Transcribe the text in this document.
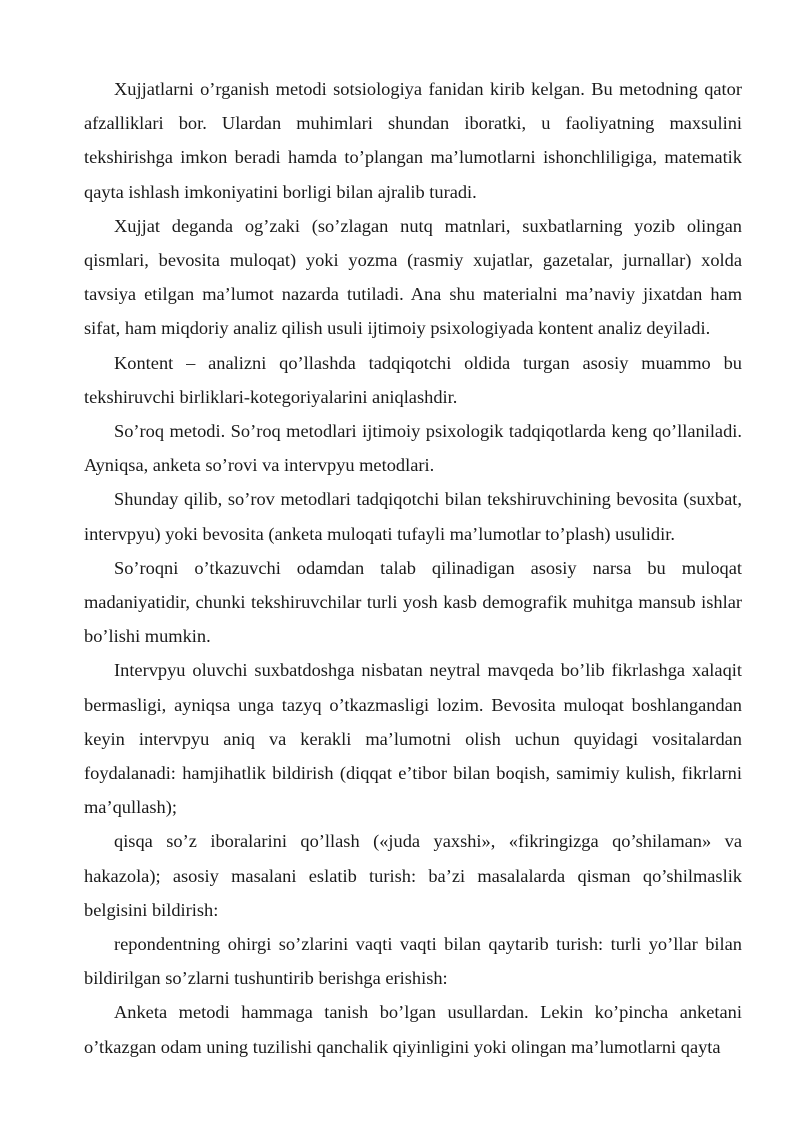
Xujjatlarni o’rganish metodi sotsiologiya fanidan kirib kelgan. Bu metodning qator afzalliklari bor. Ulardan muhimlari shundan iboratki, u faoliyatning maxsulini tekshirishga imkon beradi hamda to’plangan ma’lumotlarni ishonchliligiga, matematik qayta ishlash imkoniyatini borligi bilan ajralib turadi.

Xujjat deganda og’zaki (so’zlagan nutq matnlari, suxbatlarning yozib olingan qismlari, bevosita muloqat) yoki yozma (rasmiy xujatlar, gazetalar, jurnallar) xolda tavsiya etilgan ma’lumot nazarda tutiladi. Ana shu materialni ma’naviy jixatdan ham sifat, ham miqdoriy analiz qilish usuli ijtimoiy psixologiyada kontent analiz deyiladi.

Kontent – analizni qo’llashda tadqiqotchi oldida turgan asosiy muammo bu tekshiruvchi birliklari-kotegoriyalarini aniqlashdir.

So’roq metodi. So’roq metodlari ijtimoiy psixologik tadqiqotlarda keng qo’llaniladi. Ayniqsa, anketa so’rovi va intervpyu metodlari.

Shunday qilib, so’rov metodlari tadqiqotchi bilan tekshiruvchining bevosita (suxbat, intervpyu) yoki bevosita (anketa muloqati tufayli ma’lumotlar to’plash) usulidir.

So’roqni o’tkazuvchi odamdan talab qilinadigan asosiy narsa bu muloqat madaniyatidir, chunki tekshiruvchilar turli yosh kasb demografik muhitga mansub ishlar bo’lishi mumkin.

Intervpyu oluvchi suxbatdoshga nisbatan neytral mavqeda bo’lib fikrlashga xalaqit bermasligi, ayniqsa unga tazyq o’tkazmasligi lozim. Bevosita muloqat boshlangandan keyin intervpyu aniq va kerakli ma’lumotni olish uchun quyidagi vositalardan foydalanadi: hamjihatlik bildirish (diqqat e’tibor bilan boqish, samimiy kulish, fikrlarni ma’qullash);

qisqa so’z iboralarini qo’llash («juda yaxshi», «fikringizga qo’shilaman» va hakazola); asosiy masalani eslatib turish: ba’zi masalalarda qisman qo’shilmaslik belgisini bildirish:

repondentning ohirgi so’zlarini vaqti vaqti bilan qaytarib turish: turli yo’llar bilan bildirilgan so’zlarni tushuntirib berishga erishish:

Anketa metodi hammaga tanish bo’lgan usullardan. Lekin ko’pincha anketani o’tkazgan odam uning tuzilishi qanchalik qiyinligini yoki olingan ma’lumotlarni qayta
